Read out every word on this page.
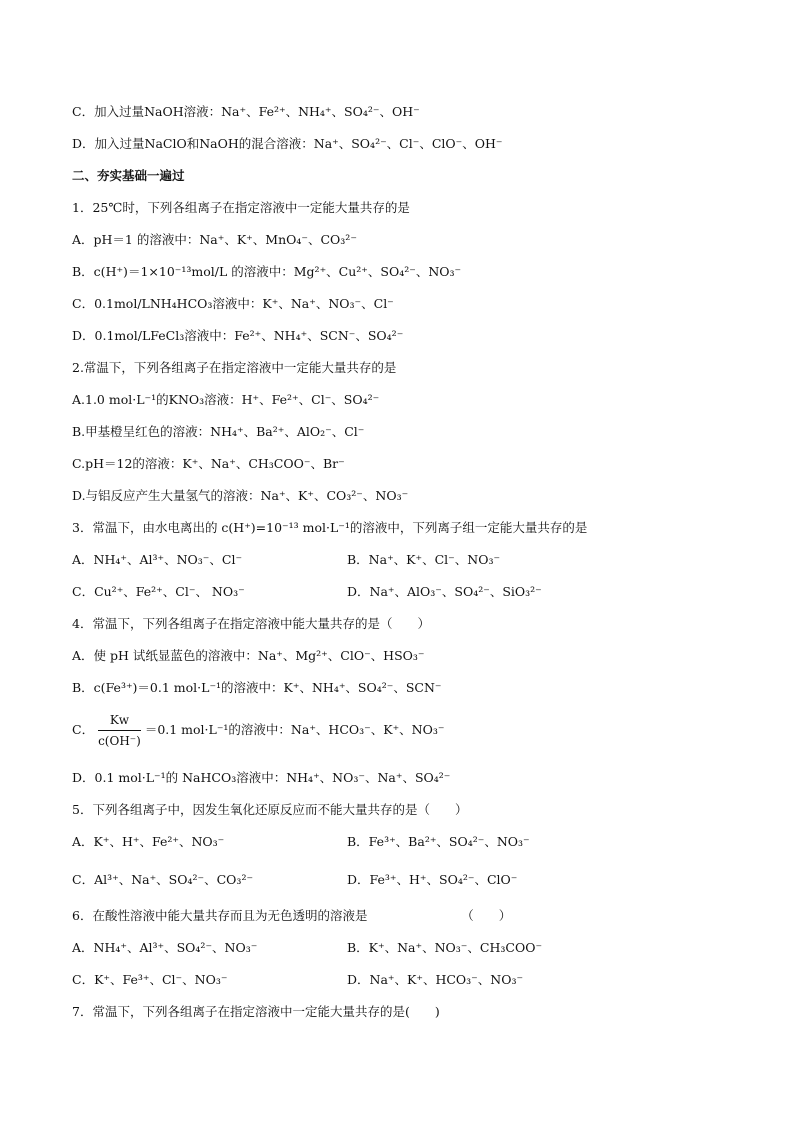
C．加入过量NaOH溶液：Na⁺、Fe²⁺、NH₄⁺、SO₄²⁻、OH⁻
D．加入过量NaClO和NaOH的混合溶液：Na⁺、SO₄²⁻、Cl⁻、ClO⁻、OH⁻
二、夯实基础一遍过
1．25℃时，下列各组离子在指定溶液中一定能大量共存的是
A．pH＝1 的溶液中：Na⁺、K⁺、MnO₄⁻、CO₃²⁻
B．c(H⁺)＝1×10⁻¹³mol/L 的溶液中：Mg²⁺、Cu²⁺、SO₄²⁻、NO₃⁻
C．0.1mol/LNH₄HCO₃溶液中：K⁺、Na⁺、NO₃⁻、Cl⁻
D．0.1mol/LFeCl₃溶液中：Fe²⁺、NH₄⁺、SCN⁻、SO₄²⁻
2.常温下，下列各组离子在指定溶液中一定能大量共存的是
A.1.0 mol·L⁻¹的KNO₃溶液：H⁺、Fe²⁺、Cl⁻、SO₄²⁻
B.甲基橙呈红色的溶液：NH₄⁺、Ba²⁺、AlO₂⁻、Cl⁻
C.pH＝12的溶液：K⁺、Na⁺、CH₃COO⁻、Br⁻
D.与铝反应产生大量氢气的溶液：Na⁺、K⁺、CO₃²⁻、NO₃⁻
3．常温下，由水电离出的 c(H⁺)=10⁻¹³ mol·L⁻¹的溶液中，下列离子组一定能大量共存的是
A．NH₄⁺、Al³⁺、NO₃⁻、Cl⁻	B．Na⁺、K⁺、Cl⁻、NO₃⁻
C．Cu²⁺、Fe²⁺、Cl⁻、 NO₃⁻	D．Na⁺、AlO₃⁻、SO₄²⁻、SiO₃²⁻
4．常温下，下列各组离子在指定溶液中能大量共存的是（　　）
A．使 pH 试纸显蓝色的溶液中：Na⁺、Mg²⁺、ClO⁻、HSO₃⁻
B．c(Fe³⁺)＝0.1 mol·L⁻¹的溶液中：K⁺、NH₄⁺、SO₄²⁻、SCN⁻
C． $\frac{Kw}{c(OH^-)} =0.1$ mol·L⁻¹的溶液中：Na⁺、HCO₃⁻、K⁺、NO₃⁻
D．0.1 mol·L⁻¹的 NaHCO₃溶液中：NH₄⁺、NO₃⁻、Na⁺、SO₄²⁻
5．下列各组离子中，因发生氧化还原反应而不能大量共存的是（　　）
A．K⁺、H⁺、Fe²⁺、NO₃⁻	B．Fe³⁺、Ba²⁺、SO₄²⁻、NO₃⁻
C．Al³⁺、Na⁺、SO₄²⁻、CO₃²⁻	D．Fe³⁺、H⁺、SO₄²⁻、ClO⁻
6．在酸性溶液中能大量共存而且为无色透明的溶液是　　　　　　　　（　　）
A．NH₄⁺、Al³⁺、SO₄²⁻、NO₃⁻	B．K⁺、Na⁺、NO₃⁻、CH₃COO⁻
C．K⁺、Fe³⁺、Cl⁻、NO₃⁻	D．Na⁺、K⁺、HCO₃⁻、NO₃⁻
7．常温下，下列各组离子在指定溶液中一定能大量共存的是(　　)
